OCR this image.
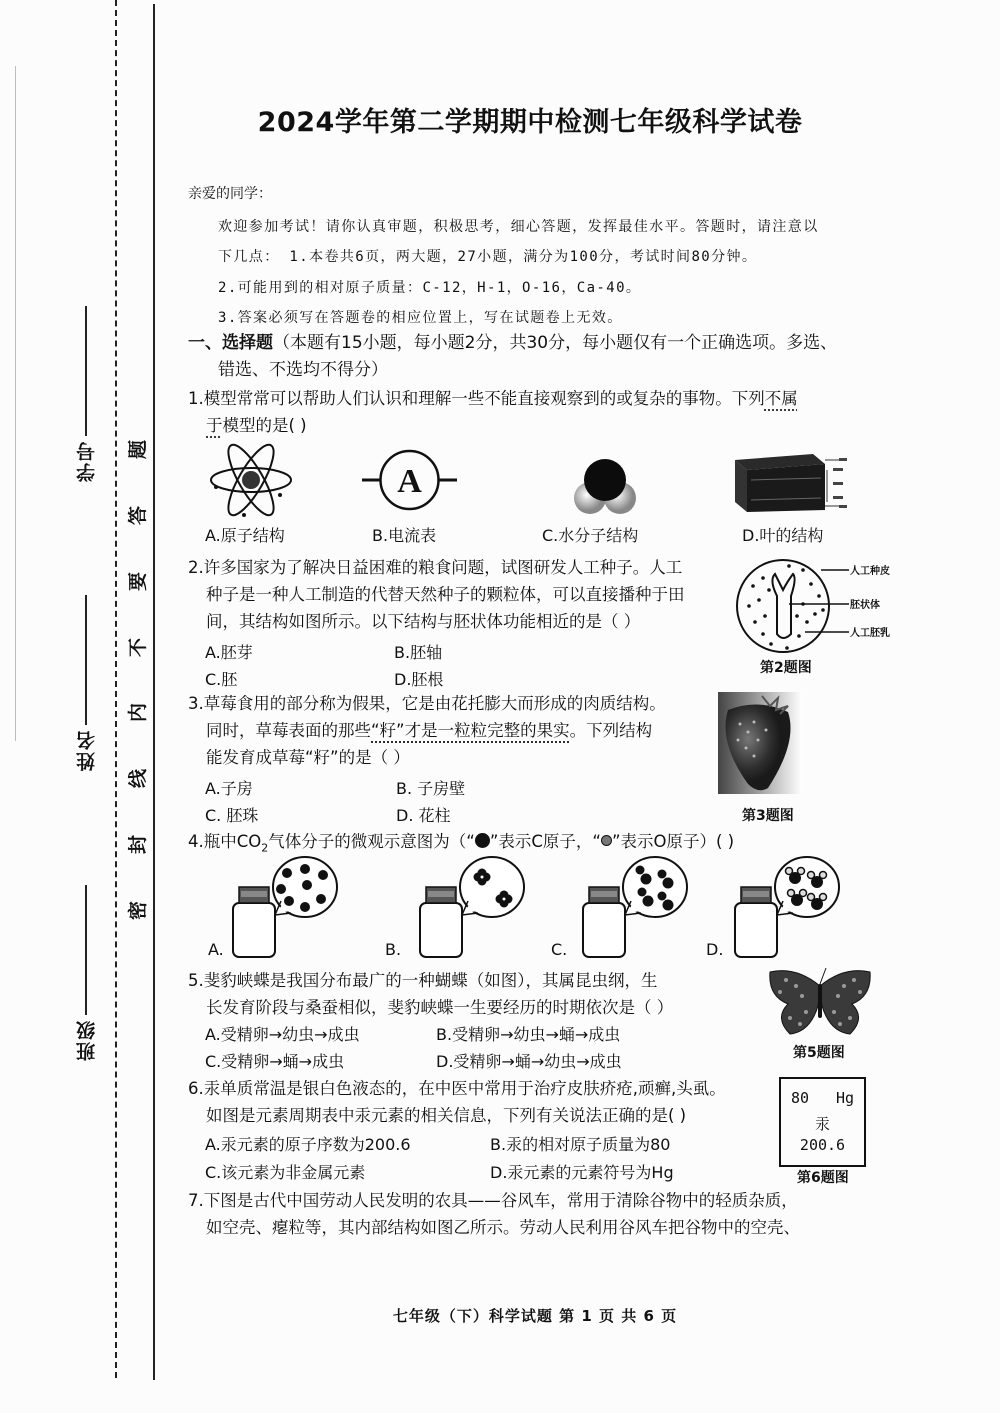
学号
姓名
班级
题
答
要
不
内
线
封
密
2024学年第二学期期中检测七年级科学试卷
亲爱的同学：
欢迎参加考试！请你认真审题，积极思考，细心答题，发挥最佳水平。答题时，请注意以
下几点： 1.本卷共6页，两大题，27小题，满分为100分，考试时间80分钟。
2.可能用到的相对原子质量：C-12，H-1，O-16，Ca-40。
3.答案必须写在答题卷的相应位置上，写在试题卷上无效。
一、选择题（本题有15小题，每小题2分，共30分，每小题仅有一个正确选项。多选、
错选、不选均不得分）
1.模型常常可以帮助人们认识和理解一些不能直接观察到的或复杂的事物。下列不属
于模型的是( )
A
A.原子结构	B.电流表	C.水分子结构	D.叶的结构
2.许多国家为了解决日益困难的粮食问题，试图研发人工种子。人工
种子是一种人工制造的代替天然种子的颗粒体，可以直接播种于田
间，其结构如图所示。以下结构与胚状体功能相近的是（ ）
A.胚芽	B.胚轴
C.胚	D.胚根
人工种皮
胚状体
人工胚乳
第2题图
3.草莓食用的部分称为假果，它是由花托膨大而形成的肉质结构。
同时，草莓表面的那些“籽”才是一粒粒完整的果实。下列结构
能发育成草莓“籽”的是（ ）
A.子房	B. 子房壁
C. 胚珠	D. 花柱	第3题图
4.瓶中$CO_2$气体分子的微观示意图为（“ ”表示C原子，“ ”表示O原子）( )
A.	B.	C.	D.
5.斐豹峡蝶是我国分布最广的一种蝴蝶（如图），其属昆虫纲，生
长发育阶段与桑蚕相似，斐豹峡蝶一生要经历的时期依次是（ ）
A.受精卵→幼虫→成虫	B.受精卵→幼虫→蛹→成虫
C.受精卵→蛹→成虫	D.受精卵→蛹→幼虫→成虫	第5题图
6.汞单质常温是银白色液态的，在中医中常用于治疗皮肤疥疮,顽癣,头虱。
如图是元素周期表中汞元素的相关信息，下列有关说法正确的是( )
A.汞元素的原子序数为200.6	B.汞的相对原子质量为80
C.该元素为非金属元素	D.汞元素的元素符号为Hg
80 Hg
汞
200.6
第6题图
7.下图是古代中国劳动人民发明的农具——谷风车，常用于清除谷物中的轻质杂质，
如空壳、瘪粒等，其内部结构如图乙所示。劳动人民利用谷风车把谷物中的空壳、
七年级（下）科学试题 第 1 页 共 6 页
